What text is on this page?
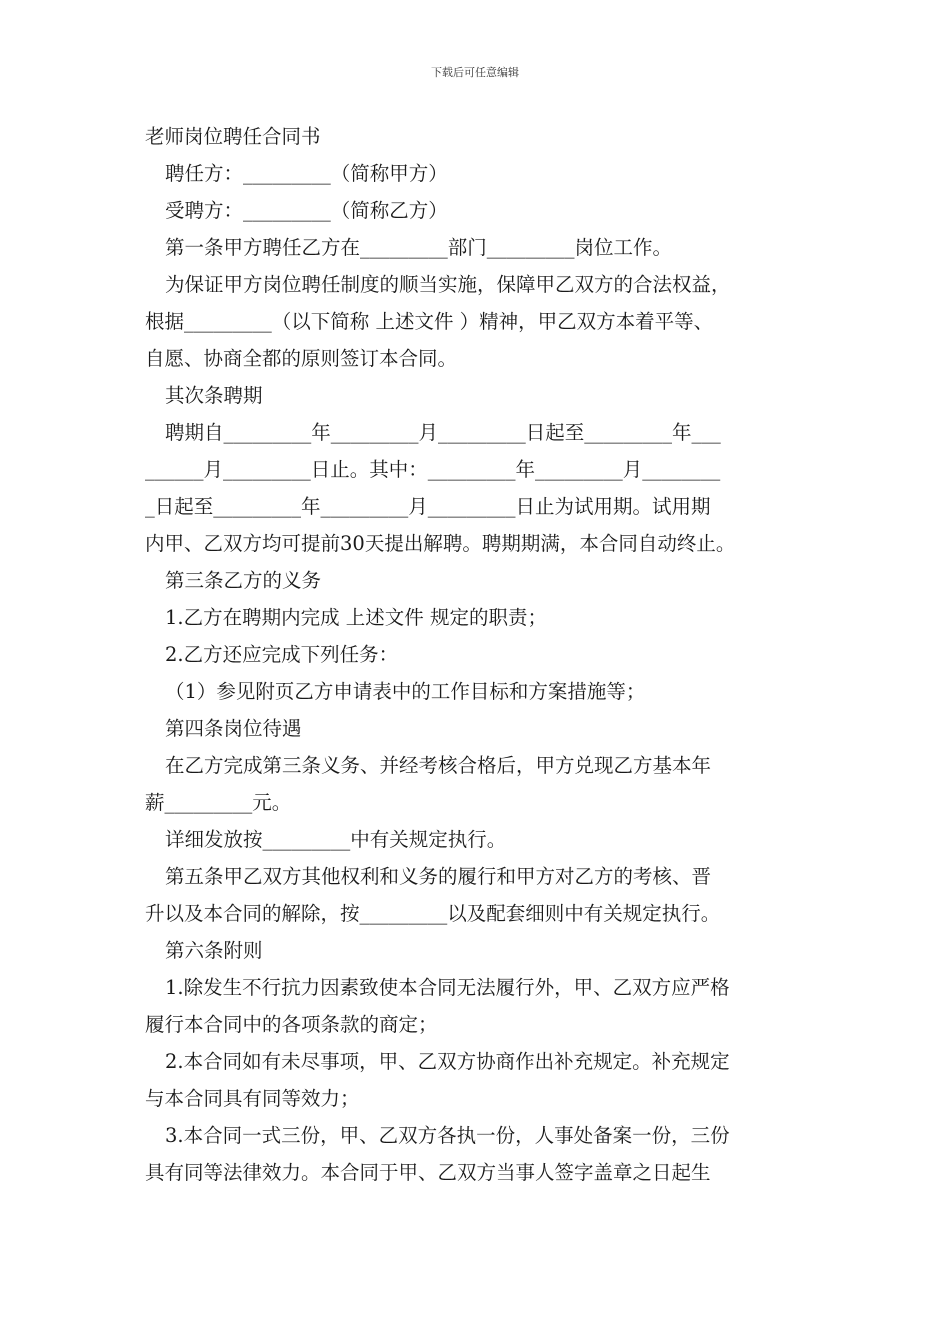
下载后可任意编辑
老师岗位聘任合同书
聘任方：_________（简称甲方）
受聘方：_________（简称乙方）
第一条甲方聘任乙方在_________部门_________岗位工作。
为保证甲方岗位聘任制度的顺当实施，保障甲乙双方的合法权益，
根据_________（以下简称 上述文件 ）精神，甲乙双方本着平等、
自愿、协商全都的原则签订本合同。
其次条聘期
聘期自_________年_________月_________日起至_________年___
______月_________日止。其中：_________年_________月________
_日起至_________年_________月_________日止为试用期。试用期
内甲、乙双方均可提前30天提出解聘。聘期期满，本合同自动终止。
第三条乙方的义务
1.乙方在聘期内完成 上述文件 规定的职责；
2.乙方还应完成下列任务：
（1）参见附页乙方申请表中的工作目标和方案措施等；
第四条岗位待遇
在乙方完成第三条义务、并经考核合格后，甲方兑现乙方基本年
薪_________元。
详细发放按_________中有关规定执行。
第五条甲乙双方其他权利和义务的履行和甲方对乙方的考核、晋
升以及本合同的解除，按_________以及配套细则中有关规定执行。
第六条附则
1.除发生不行抗力因素致使本合同无法履行外，甲、乙双方应严格
履行本合同中的各项条款的商定；
2.本合同如有未尽事项，甲、乙双方协商作出补充规定。补充规定
与本合同具有同等效力；
3.本合同一式三份，甲、乙双方各执一份，人事处备案一份，三份
具有同等法律效力。本合同于甲、乙双方当事人签字盖章之日起生
